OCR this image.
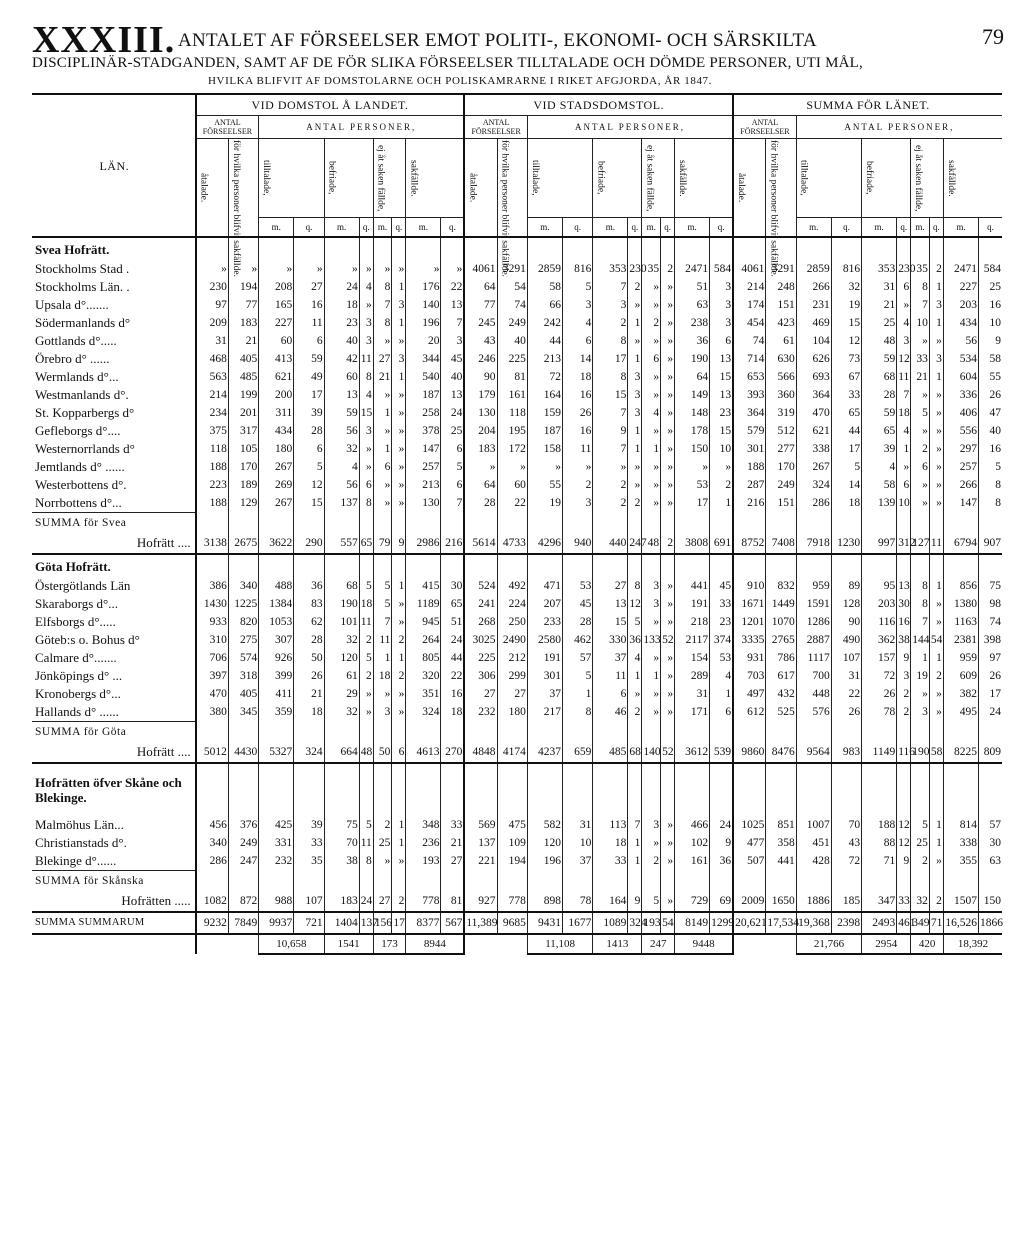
XXXIII. ANTALET AF FÖRSEELSER EMOT POLITI-, EKONOMI- OCH SÄRSKILTA	79
DISCIPLINÄR-STADGANDEN, SAMT AF DE FÖR SLIKA FÖRSEELSER TILLTALADE OCH DÖMDE PERSONER, UTI MÅL,
HVILKA BLIFVIT AF DOMSTOLARNE OCH POLISKAMRARNE I RIKET AFGJORDA, ÅR 1847.
LÄN.	VID DOMSTOL Å LANDET.										VID STADSDOMSTOL.										SUMMA FÖR LÄNET.									
	ANTAL FÖRSEELSER		ANTAL PERSONER,								ANTAL FÖRSEELSER		ANTAL PERSONER,								ANTAL FÖRSEELSER		ANTAL PERSONER,							

	åtalade.	för hvilka personer blifvit sakfällde.	tilltalade,		befriade,		ej åt saken fällde,		sakfällde.		åtalade.	för hvilka personer blifvit sakfällde.	tilltalade,		befriade,		ej åt saken fällde,		sakfällde.		åtalade.	för hvilka personer blifvit sakfällde.	tilltalade,		befriade,		ej åt saken fällde,		sakfällde.	

			m.	q.	m.	q.	m.	q.	m.	q.			m.	q.	m.	q.	m.	q.	m.	q.			m.	q.	m.	q.	m.	q.	m.	q.
Svea Hofrätt.																														
Stockholms Stad .	»	»	»	»	»	»	»	»	»	»	4061	3291	2859	816	353	230	35	2	2471	584	4061	3291	2859	816	353	230	35	2	2471	584
Stockholms Län. .	230	194	208	27	24	4	8	1	176	22	64	54	58	5	7	2	»	»	51	3	214	248	266	32	31	6	8	1	227	25
Upsala d°.......	97	77	165	16	18	»	7	3	140	13	77	74	66	3	3	»	»	»	63	3	174	151	231	19	21	»	7	3	203	16
Södermanlands d°	209	183	227	11	23	3	8	1	196	7	245	249	242	4	2	1	2	»	238	3	454	423	469	15	25	4	10	1	434	10
Gottlands d°.....	31	21	60	6	40	3	»	»	20	3	43	40	44	6	8	»	»	»	36	6	74	61	104	12	48	3	»	»	56	9
Örebro d° ......	468	405	413	59	42	11	27	3	344	45	246	225	213	14	17	1	6	»	190	13	714	630	626	73	59	12	33	3	534	58
Wermlands d°...	563	485	621	49	60	8	21	1	540	40	90	81	72	18	8	3	»	»	64	15	653	566	693	67	68	11	21	1	604	55
Westmanlands d°.	214	199	200	17	13	4	»	»	187	13	179	161	164	16	15	3	»	»	149	13	393	360	364	33	28	7	»	»	336	26
St. Kopparbergs d°	234	201	311	39	59	15	1	»	258	24	130	118	159	26	7	3	4	»	148	23	364	319	470	65	59	18	5	»	406	47
Gefleborgs d°....	375	317	434	28	56	3	»	»	378	25	204	195	187	16	9	1	»	»	178	15	579	512	621	44	65	4	»	»	556	40
Westernorrlands d°	118	105	180	6	32	»	1	»	147	6	183	172	158	11	7	1	1	»	150	10	301	277	338	17	39	1	2	»	297	16
Jemtlands d° ......	188	170	267	5	4	»	6	»	257	5	»	»	»	»	»	»	»	»	»	»	188	170	267	5	4	»	6	»	257	5
Westerbottens d°.	223	189	269	12	56	6	»	»	213	6	64	60	55	2	2	»	»	»	53	2	287	249	324	14	58	6	»	»	266	8
Norrbottens d°...	188	129	267	15	137	8	»	»	130	7	28	22	19	3	2	2	»	»	17	1	216	151	286	18	139	10	»	»	147	8
SUMMA för Svea																														
Hofrätt ....	3138	2675	3622	290	557	65	79	9	2986	216	5614	4733	4296	940	440	247	48	2	3808	691	8752	7408	7918	1230	997	312	127	11	6794	907
Göta Hofrätt.																														
Östergötlands Län	386	340	488	36	68	5	5	1	415	30	524	492	471	53	27	8	3	»	441	45	910	832	959	89	95	13	8	1	856	75
Skaraborgs d°...	1430	1225	1384	83	190	18	5	»	1189	65	241	224	207	45	13	12	3	»	191	33	1671	1449	1591	128	203	30	8	»	1380	98
Elfsborgs d°.....	933	820	1053	62	101	11	7	»	945	51	268	250	233	28	15	5	»	»	218	23	1201	1070	1286	90	116	16	7	»	1163	74
Göteb:s o. Bohus d°	310	275	307	28	32	2	11	2	264	24	3025	2490	2580	462	330	36	133	52	2117	374	3335	2765	2887	490	362	38	144	54	2381	398
Calmare d°.......	706	574	926	50	120	5	1	1	805	44	225	212	191	57	37	4	»	»	154	53	931	786	1117	107	157	9	1	1	959	97
Jönköpings d° ...	397	318	399	26	61	2	18	2	320	22	306	299	301	5	11	1	1	»	289	4	703	617	700	31	72	3	19	2	609	26
Kronobergs d°...	470	405	411	21	29	»	»	»	351	16	27	27	37	1	6	»	»	»	31	1	497	432	448	22	26	2	»	»	382	17
Hallands d° ......	380	345	359	18	32	»	3	»	324	18	232	180	217	8	46	2	»	»	171	6	612	525	576	26	78	2	3	»	495	24
SUMMA för Göta																														
Hofrätt ....	5012	4430	5327	324	664	48	50	6	4613	270	4848	4174	4237	659	485	68	140	52	3612	539	9860	8476	9564	983	1149	116	190	58	8225	809
Hofrätten öfver Skåne och Blekinge.																														
Malmöhus Län...	456	376	425	39	75	5	2	1	348	33	569	475	582	31	113	7	3	»	466	24	1025	851	1007	70	188	12	5	1	814	57
Christianstads d°.	340	249	331	33	70	11	25	1	236	21	137	109	120	10	18	1	»	»	102	9	477	358	451	43	88	12	25	1	338	30
Blekinge d°......	286	247	232	35	38	8	»	»	193	27	221	194	196	37	33	1	2	»	161	36	507	441	428	72	71	9	2	»	355	63
SUMMA för Skånska																														
Hofrätten .....	1082	872	988	107	183	24	27	2	778	81	927	778	898	78	164	9	5	»	729	69	2009	1650	1886	185	347	33	32	2	1507	150
SUMMA SUMMARUM	9232	7849	9937	721	1404	137	156	17	8377	567	11,389	9685	9431	1677	1089	324	193	54	8149	1299	20,621	17,534	19,368	2398	2493	461	349	71	16,526	1866
			10,658		1541		173		8944				11,108		1413		247		9448				21,766		2954		420		18,392	
